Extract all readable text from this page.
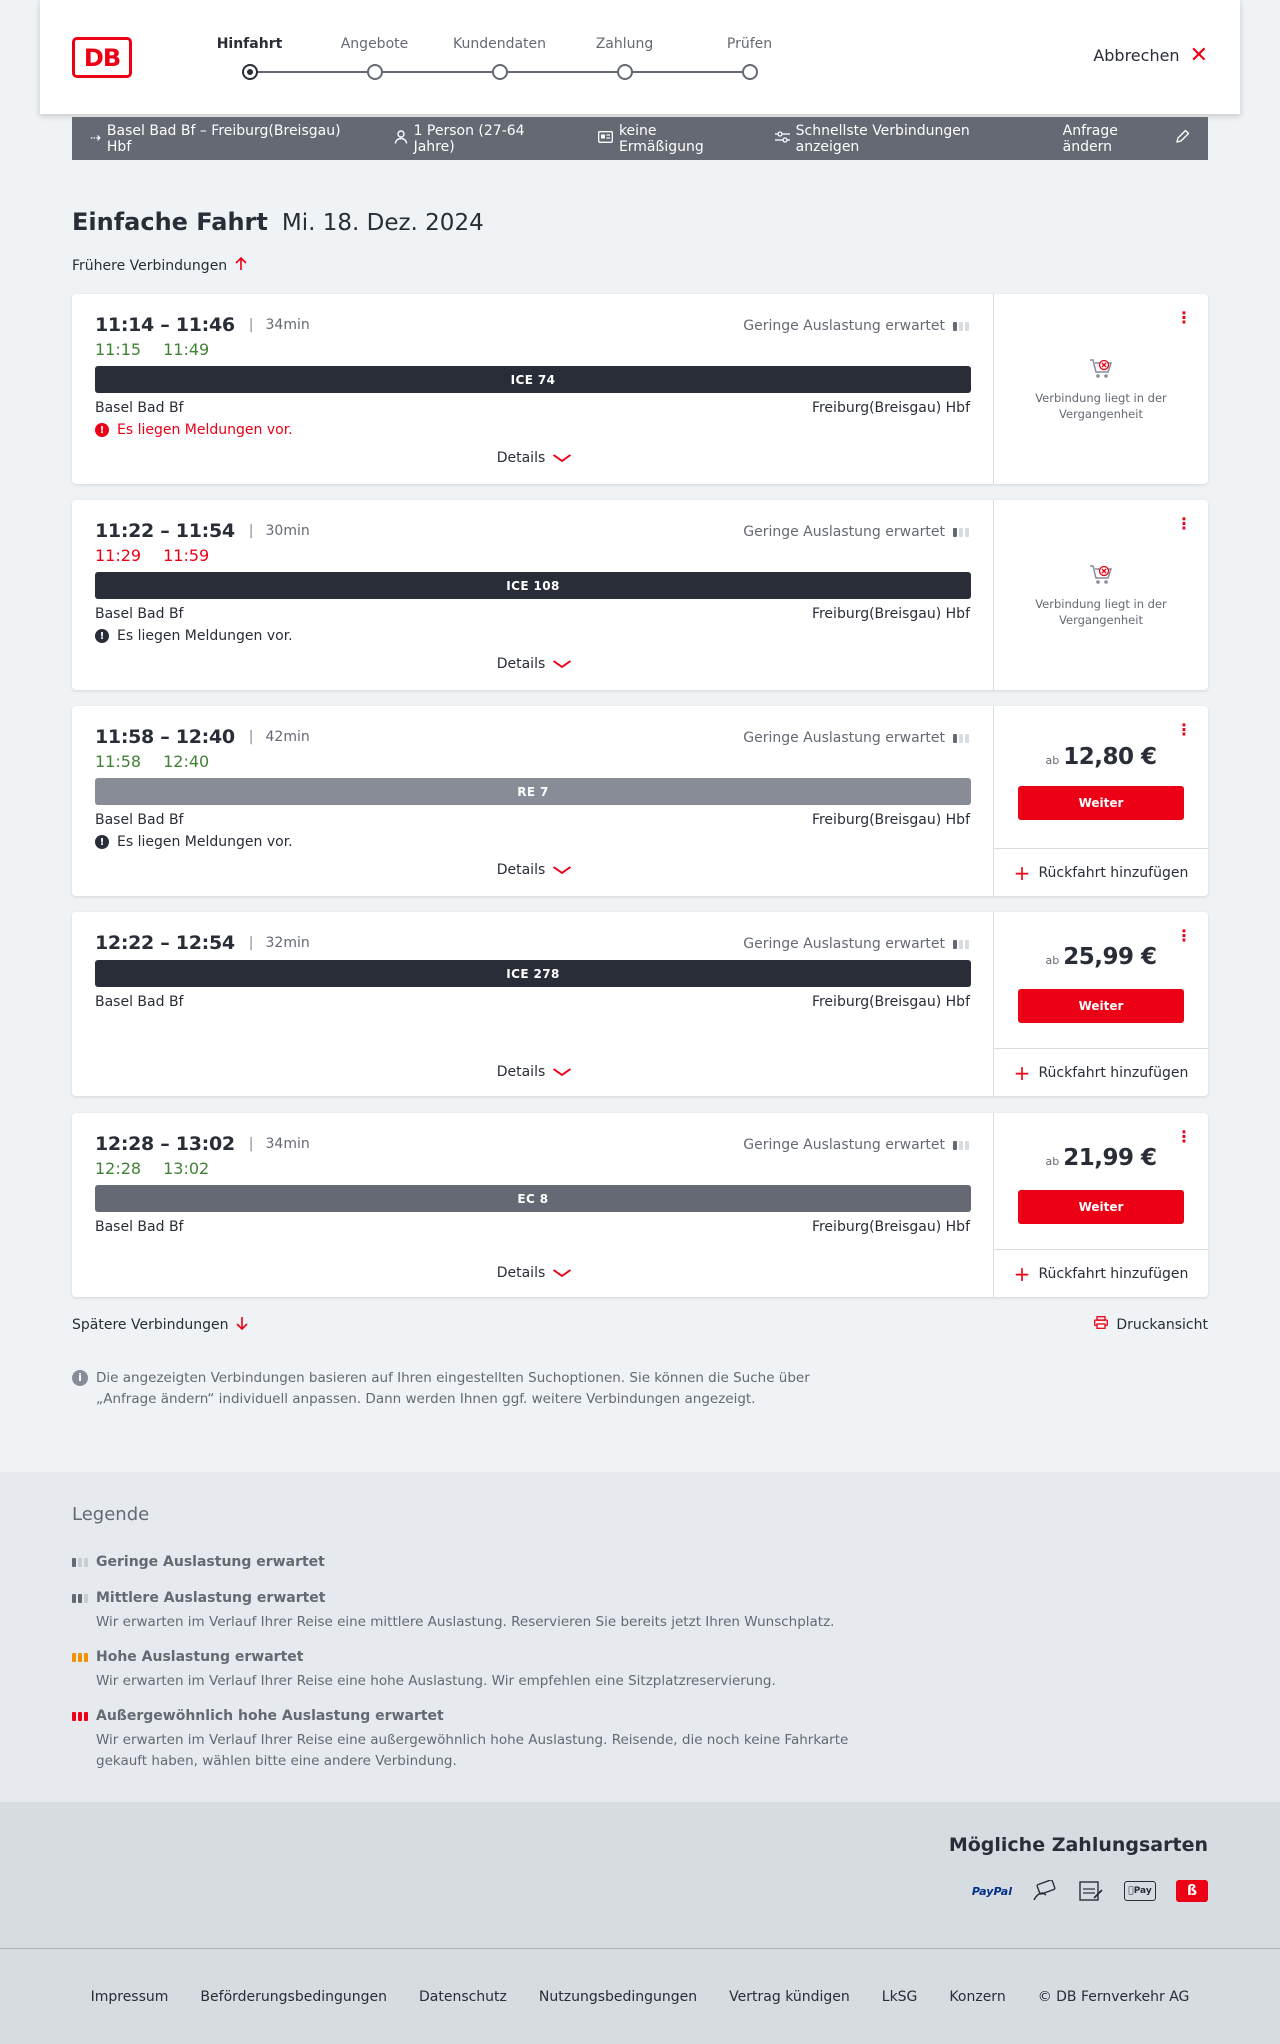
DB	Hinfahrt	Angebote	Kundendaten	Zahlung	Prüfen
Abbrechen ✕
⇢ Basel Bad Bf – Freiburg(Breisgau) Hbf
1 Person (27-64 Jahre)
keine Ermäßigung
Schnellste Verbindungen anzeigen
Anfrage ändern
Einfache Fahrt Mi. 18. Dez. 2024
Frühere Verbindungen
11:14 – 11:46 | 34min
11:15 11:49
Geringe Auslastung erwartet
ICE 74
Basel Bad Bf	Freiburg(Breisgau) Hbf
! Es liegen Meldungen vor.
Details
⋮
Verbindung liegt in der Vergangenheit
11:22 – 11:54 | 30min
11:29 11:59
Geringe Auslastung erwartet
ICE 108
Basel Bad Bf	Freiburg(Breisgau) Hbf
! Es liegen Meldungen vor.
Details
⋮
Verbindung liegt in der Vergangenheit
11:58 – 12:40 | 42min
11:58 12:40
Geringe Auslastung erwartet
RE 7
Basel Bad Bf	Freiburg(Breisgau) Hbf
! Es liegen Meldungen vor.
Details
⋮
ab 12,80 €
Weiter
+ Rückfahrt hinzufügen
12:22 – 12:54 | 32min	Geringe Auslastung erwartet
ICE 278
Basel Bad Bf	Freiburg(Breisgau) Hbf
Details
⋮
ab 25,99 €
Weiter
+ Rückfahrt hinzufügen
12:28 – 13:02 | 34min
12:28 13:02
Geringe Auslastung erwartet
EC 8
Basel Bad Bf	Freiburg(Breisgau) Hbf
Details
⋮
ab 21,99 €
Weiter
+ Rückfahrt hinzufügen
Spätere Verbindungen	Druckansicht
i	Die angezeigten Verbindungen basieren auf Ihren eingestellten Suchoptionen. Sie können die Suche über „Anfrage ändern“ individuell anpassen. Dann werden Ihnen ggf. weitere Verbindungen angezeigt.
Legende
Geringe Auslastung erwartet
Mittlere Auslastung erwartet
Wir erwarten im Verlauf Ihrer Reise eine mittlere Auslastung. Reservieren Sie bereits jetzt Ihren Wunschplatz.
Hohe Auslastung erwartet
Wir erwarten im Verlauf Ihrer Reise eine hohe Auslastung. Wir empfehlen eine Sitzplatzreservierung.
Außergewöhnlich hohe Auslastung erwartet
Wir erwarten im Verlauf Ihrer Reise eine außergewöhnlich hohe Auslastung. Reisende, die noch keine Fahrkarte gekauft haben, wählen bitte eine andere Verbindung.
Mögliche Zahlungsarten
PayPal	Pay	ß
Impressum Beförderungsbedingungen Datenschutz Nutzungsbedingungen Vertrag kündigen LkSG Konzern © DB Fernverkehr AG
